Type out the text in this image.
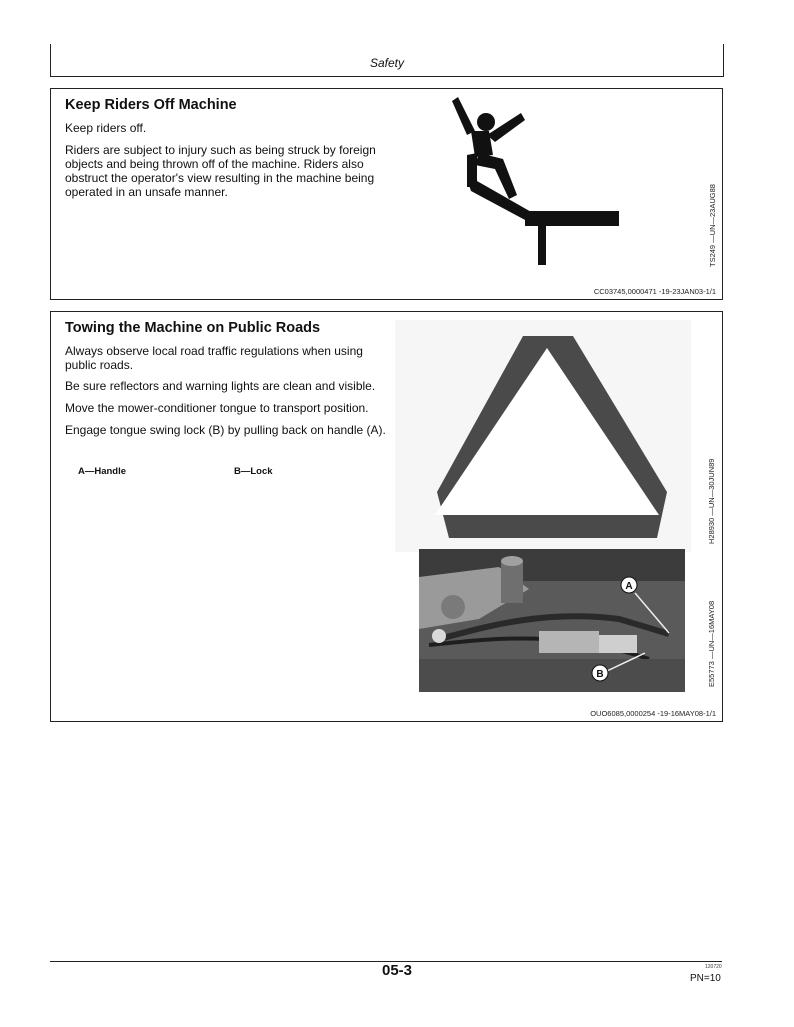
Safety
Keep Riders Off Machine
Keep riders off.
Riders are subject to injury such as being struck by foreign objects and being thrown off of the machine. Riders also obstruct the operator's view resulting in the machine being operated in an unsafe manner.	TS249 —UN—23AUG88
CC03745,0000471 -19-23JAN03-1/1
Towing the Machine on Public Roads
Always observe local road traffic regulations when using public roads.
Be sure reflectors and warning lights are clean and visible.
Move the mower-conditioner tongue to transport position.
Engage tongue swing lock (B) by pulling back on handle (A).
A—Handle	B—Lock	H28930 —UN—30JUN89
A
B	E55773 —UN—16MAY08
OUO6085,0000254 -19-16MAY08-1/1
05-3	120720
PN=10
